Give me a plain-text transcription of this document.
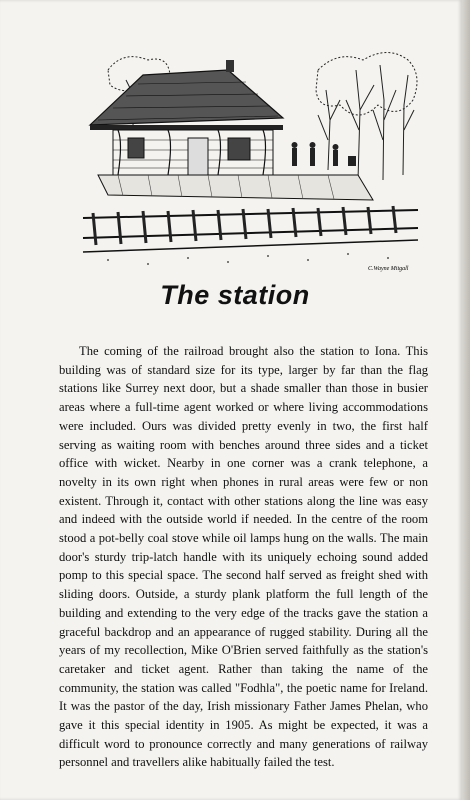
C.Wayne Mitgall
The station

The coming of the railroad brought also the station to Iona. This building was of standard size for its type, larger by far than the flag stations like Surrey next door, but a shade smaller than those in busier areas where a full-time agent worked or where living accommodations were included. Ours was divided pretty evenly in two, the first half serving as waiting room with benches around three sides and a ticket office with wicket. Nearby in one corner was a crank telephone, a novelty in its own right when phones in rural areas were few or non existent. Through it, contact with other stations along the line was easy and indeed with the outside world if needed. In the centre of the room stood a pot-belly coal stove while oil lamps hung on the walls. The main door's sturdy trip-latch handle with its uniquely echoing sound added pomp to this special space. The second half served as freight shed with sliding doors. Outside, a sturdy plank platform the full length of the building and extending to the very edge of the tracks gave the station a graceful backdrop and an appearance of rugged stability. During all the years of my recollection, Mike O'Brien served faithfully as the station's caretaker and ticket agent. Rather than taking the name of the community, the station was called "Fodhla", the poetic name for Ireland. It was the pastor of the day, Irish missionary Father James Phelan, who gave it this special identity in 1905. As might be expected, it was a difficult word to pronounce correctly and many generations of railway personnel and travellers alike habitually failed the test.
